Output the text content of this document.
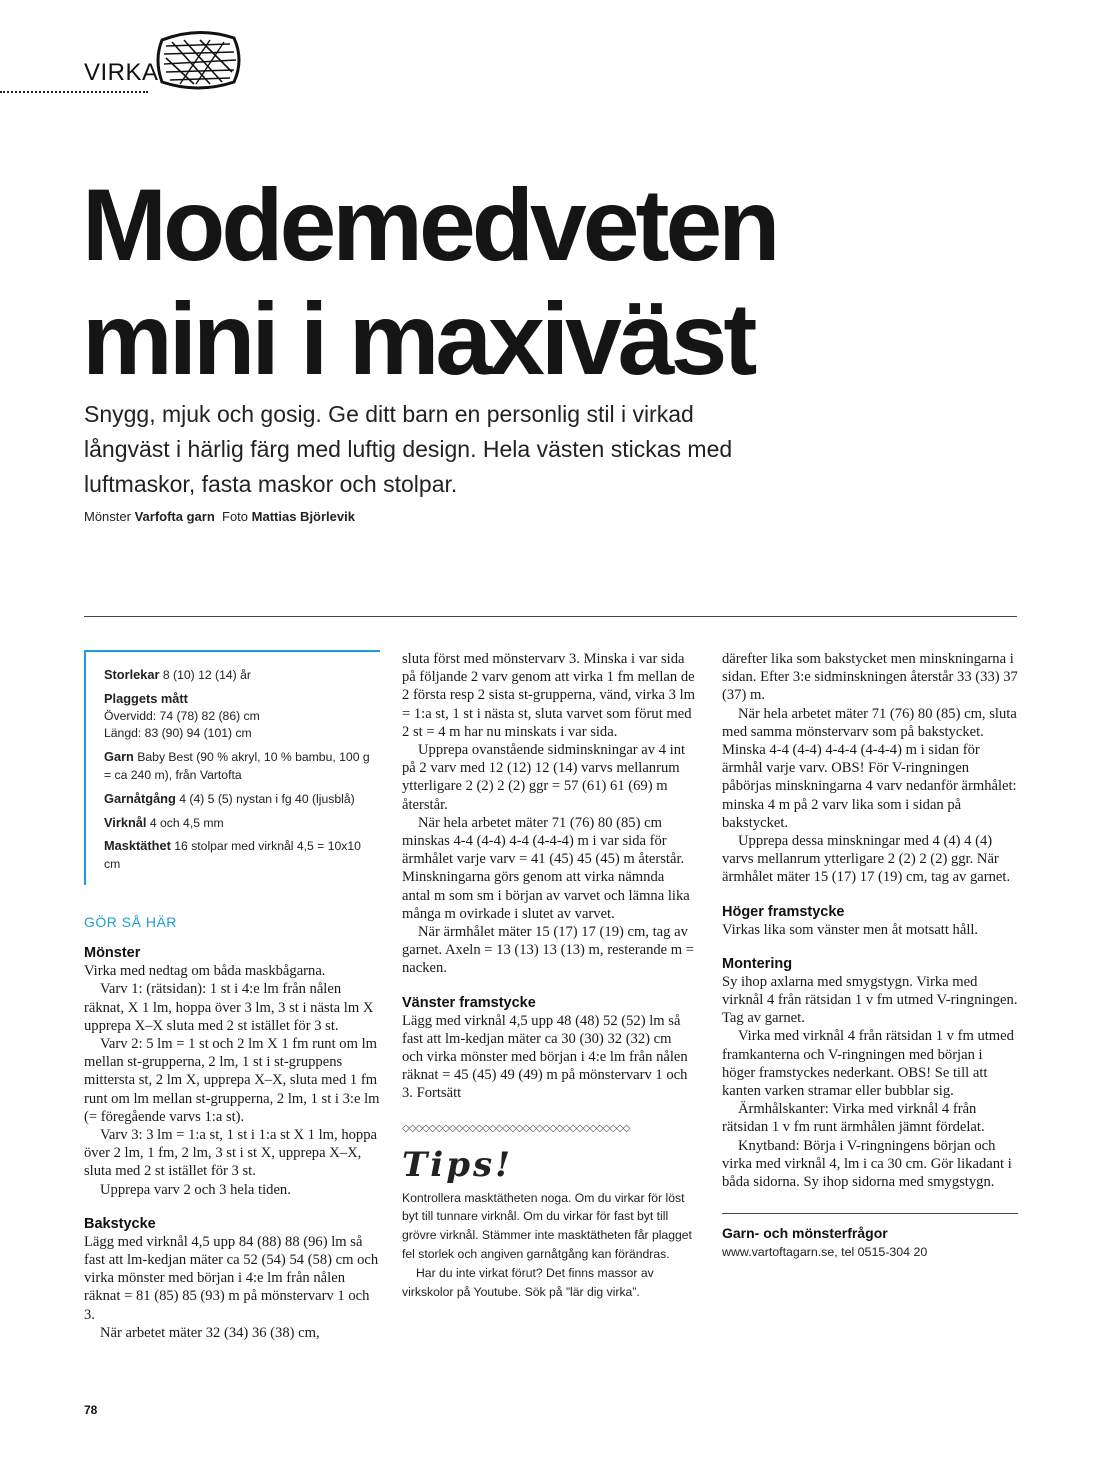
VIRKA
Modemedveten
mini i maxiväst
Snygg, mjuk och gosig. Ge ditt barn en personlig stil i virkad långväst i härlig färg med luftig design. Hela västen stickas med luftmaskor, fasta maskor och stolpar.
Mönster Varfofta garn Foto Mattias Björlevik
Storlekar 8 (10) 12 (14) år
Plaggets mått
Övervidd: 74 (78) 82 (86) cm
Längd: 83 (90) 94 (101) cm
Garn Baby Best (90 % akryl, 10 % bambu, 100 g = ca 240 m), från Vartofta
Garnåtgång 4 (4) 5 (5) nystan i fg 40 (ljusblå)
Virknål 4 och 4,5 mm
Masktäthet 16 stolpar med virknål 4,5 = 10x10 cm
GÖR SÅ HÄR
Mönster

Virka med nedtag om båda maskbågarna.

Varv 1: (rätsidan): 1 st i 4:e lm från nålen räknat, X 1 lm, hoppa över 3 lm, 3 st i nästa lm X upprepa X–X sluta med 2 st istället för 3 st.

Varv 2: 5 lm = 1 st och 2 lm X 1 fm runt om lm mellan st-grupperna, 2 lm, 1 st i st-gruppens mittersta st, 2 lm X, upprepa X–X, sluta med 1 fm runt om lm mellan st-grupperna, 2 lm, 1 st i 3:e lm (= föregående varvs 1:a st).

Varv 3: 3 lm = 1:a st, 1 st i 1:a st X 1 lm, hoppa över 2 lm, 1 fm, 2 lm, 3 st i st X, upprepa X–X, sluta med 2 st istället för 3 st.

Upprepa varv 2 och 3 hela tiden.

Bakstycke

Lägg med virknål 4,5 upp 84 (88) 88 (96) lm så fast att lm-kedjan mäter ca 52 (54) 54 (58) cm och virka mönster med början i 4:e lm från nålen räknat = 81 (85) 85 (93) m på mönstervarv 1 och 3.

När arbetet mäter 32 (34) 36 (38) cm,

sluta först med mönstervarv 3. Minska i var sida på följande 2 varv genom att virka 1 fm mellan de 2 första resp 2 sista st-grupperna, vänd, virka 3 lm = 1:a st, 1 st i nästa st, sluta varvet som förut med 2 st = 4 m har nu minskats i var sida.

Upprepa ovanstående sidminskningar av 4 int på 2 varv med 12 (12) 12 (14) varvs mellanrum ytterligare 2 (2) 2 (2) ggr = 57 (61) 61 (69) m återstår.

När hela arbetet mäter 71 (76) 80 (85) cm minskas 4-4 (4-4) 4-4 (4-4-4) m i var sida för ärmhålet varje varv = 41 (45) 45 (45) m återstår. Minskningarna görs genom att virka nämnda antal m som sm i början av varvet och lämna lika många m ovirkade i slutet av varvet.

När ärmhålet mäter 15 (17) 17 (19) cm, tag av garnet. Axeln = 13 (13) 13 (13) m, resterande m = nacken.

Vänster framstycke

Lägg med virknål 4,5 upp 48 (48) 52 (52) lm så fast att lm-kedjan mäter ca 30 (30) 32 (32) cm och virka mönster med början i 4:e lm från nålen räknat = 45 (45) 49 (49) m på mönstervarv 1 och 3. Fortsätt

◇◇◇◇◇◇◇◇◇◇◇◇◇◇◇◇◇◇◇◇◇◇◇◇◇◇◇◇◇◇◇◇◇◇
Tips!

Kontrollera masktätheten noga. Om du virkar för löst byt till tunnare virknål. Om du virkar för fast byt till grövre virknål. Stämmer inte masktätheten får plagget fel storlek och angiven garnåtgång kan förändras.

Har du inte virkat förut? Det finns massor av virkskolor på Youtube. Sök på ”lär dig virka”.

därefter lika som bakstycket men minskningarna i sidan. Efter 3:e sidminskningen återstår 33 (33) 37 (37) m.

När hela arbetet mäter 71 (76) 80 (85) cm, sluta med samma mönstervarv som på bakstycket. Minska 4-4 (4-4) 4-4-4 (4-4-4) m i sidan för ärmhål varje varv. OBS! För V-ringningen påbörjas minskningarna 4 varv nedanför ärmhålet: minska 4 m på 2 varv lika som i sidan på bakstycket.

Upprepa dessa minskningar med 4 (4) 4 (4) varvs mellanrum ytterligare 2 (2) 2 (2) ggr. När ärmhålet mäter 15 (17) 17 (19) cm, tag av garnet.

Höger framstycke

Virkas lika som vänster men åt motsatt håll.

Montering

Sy ihop axlarna med smygstygn. Virka med virknål 4 från rätsidan 1 v fm utmed V-ringningen. Tag av garnet.

Virka med virknål 4 från rätsidan 1 v fm utmed framkanterna och V-ringningen med början i höger framstyckes nederkant. OBS! Se till att kanten varken stramar eller bubblar sig.

Ärmhålskanter: Virka med virknål 4 från rätsidan 1 v fm runt ärmhålen jämnt fördelat.

Knytband: Börja i V-ringningens början och virka med virknål 4, lm i ca 30 cm. Gör likadant i båda sidorna. Sy ihop sidorna med smygstygn.

Garn- och mönsterfrågor
www.vartoftagarn.se, tel 0515-304 20
78
